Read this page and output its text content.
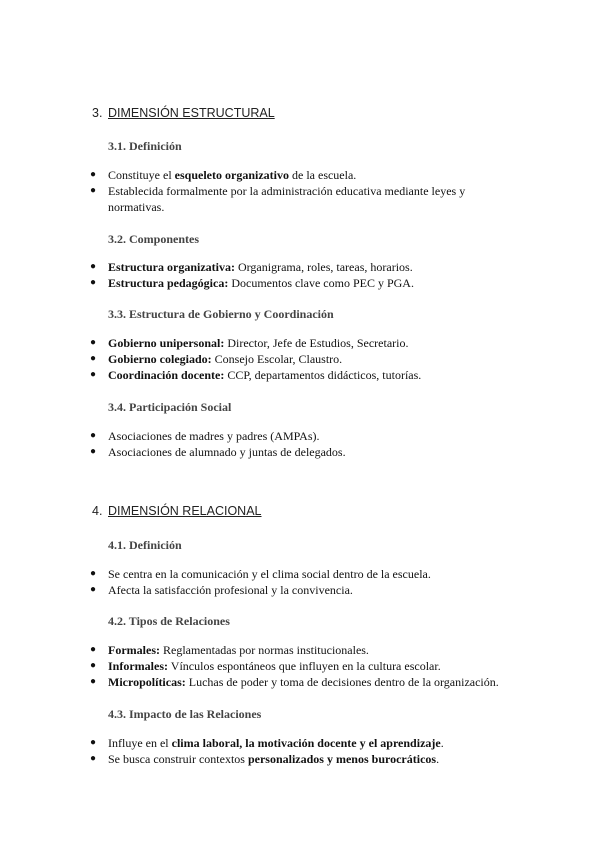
3. DIMENSIÓN ESTRUCTURAL
3.1. Definición
● Constituye el esqueleto organizativo de la escuela.
● Establecida formalmente por la administración educativa mediante leyes y normativas.
3.2. Componentes
● Estructura organizativa: Organigrama, roles, tareas, horarios.
● Estructura pedagógica: Documentos clave como PEC y PGA.
3.3. Estructura de Gobierno y Coordinación
● Gobierno unipersonal: Director, Jefe de Estudios, Secretario.
● Gobierno colegiado: Consejo Escolar, Claustro.
● Coordinación docente: CCP, departamentos didácticos, tutorías.
3.4. Participación Social
● Asociaciones de madres y padres (AMPAs).
● Asociaciones de alumnado y juntas de delegados.
4. DIMENSIÓN RELACIONAL
4.1. Definición
● Se centra en la comunicación y el clima social dentro de la escuela.
● Afecta la satisfacción profesional y la convivencia.
4.2. Tipos de Relaciones
● Formales: Reglamentadas por normas institucionales.
● Informales: Vínculos espontáneos que influyen en la cultura escolar.
● Micropolíticas: Luchas de poder y toma de decisiones dentro de la organización.
4.3. Impacto de las Relaciones
● Influye en el clima laboral, la motivación docente y el aprendizaje.
● Se busca construir contextos personalizados y menos burocráticos.
